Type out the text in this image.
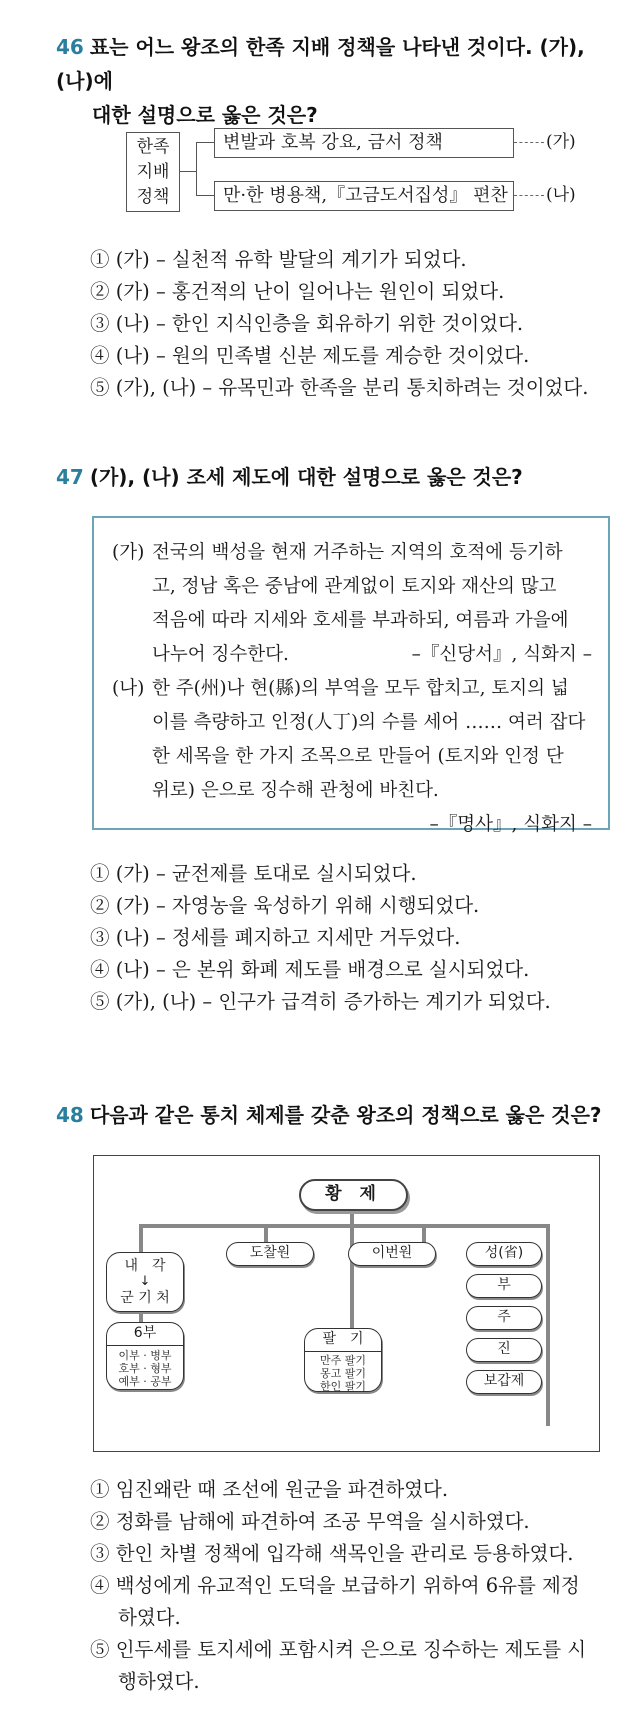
46 표는 어느 왕조의 한족 지배 정책을 나타낸 것이다. (가), (나)에
대한 설명으로 옳은 것은?
한족
지배
정책
변발과 호복 강요, 금서 정책	(가)
만·한 병용책,『고금도서집성』 편찬	(나)
① (가) – 실천적 유학 발달의 계기가 되었다.
② (가) – 홍건적의 난이 일어나는 원인이 되었다.
③ (나) – 한인 지식인층을 회유하기 위한 것이었다.
④ (나) – 원의 민족별 신분 제도를 계승한 것이었다.
⑤ (가), (나) – 유목민과 한족을 분리 통치하려는 것이었다.
47 (가), (나) 조세 제도에 대한 설명으로 옳은 것은?
(가) 전국의 백성을 현재 거주하는 지역의 호적에 등기하
고, 정남 혹은 중남에 관계없이 토지와 재산의 많고
적음에 따라 지세와 호세를 부과하되, 여름과 가을에
나누어 징수한다.	–『신당서』, 식화지 –
(나) 한 주(州)나 현(縣)의 부역을 모두 합치고, 토지의 넓
이를 측량하고 인정(人丁)의 수를 세어 …… 여러 잡다
한 세목을 한 가지 조목으로 만들어 (토지와 인정 단
위로) 은으로 징수해 관청에 바친다.
–『명사』, 식화지 –
① (가) – 균전제를 토대로 실시되었다.
② (가) – 자영농을 육성하기 위해 시행되었다.
③ (나) – 정세를 폐지하고 지세만 거두었다.
④ (나) – 은 본위 화폐 제도를 배경으로 실시되었다.
⑤ (가), (나) – 인구가 급격히 증가하는 계기가 되었다.
48 다음과 같은 통치 체제를 갖춘 왕조의 정책으로 옳은 것은?
황 제
내　각
↓
군 기 처
도찰원	이번원	성(省)
부
주
진
보갑제
6부
이부 · 병부
호부 · 형부
예부 · 공부
팔　기
만주 팔기
몽고 팔기
한인 팔기
① 임진왜란 때 조선에 원군을 파견하였다.
② 정화를 남해에 파견하여 조공 무역을 실시하였다.
③ 한인 차별 정책에 입각해 색목인을 관리로 등용하였다.
④ 백성에게 유교적인 도덕을 보급하기 위하여 6유를 제정
하였다.
⑤ 인두세를 토지세에 포함시켜 은으로 징수하는 제도를 시
행하였다.
